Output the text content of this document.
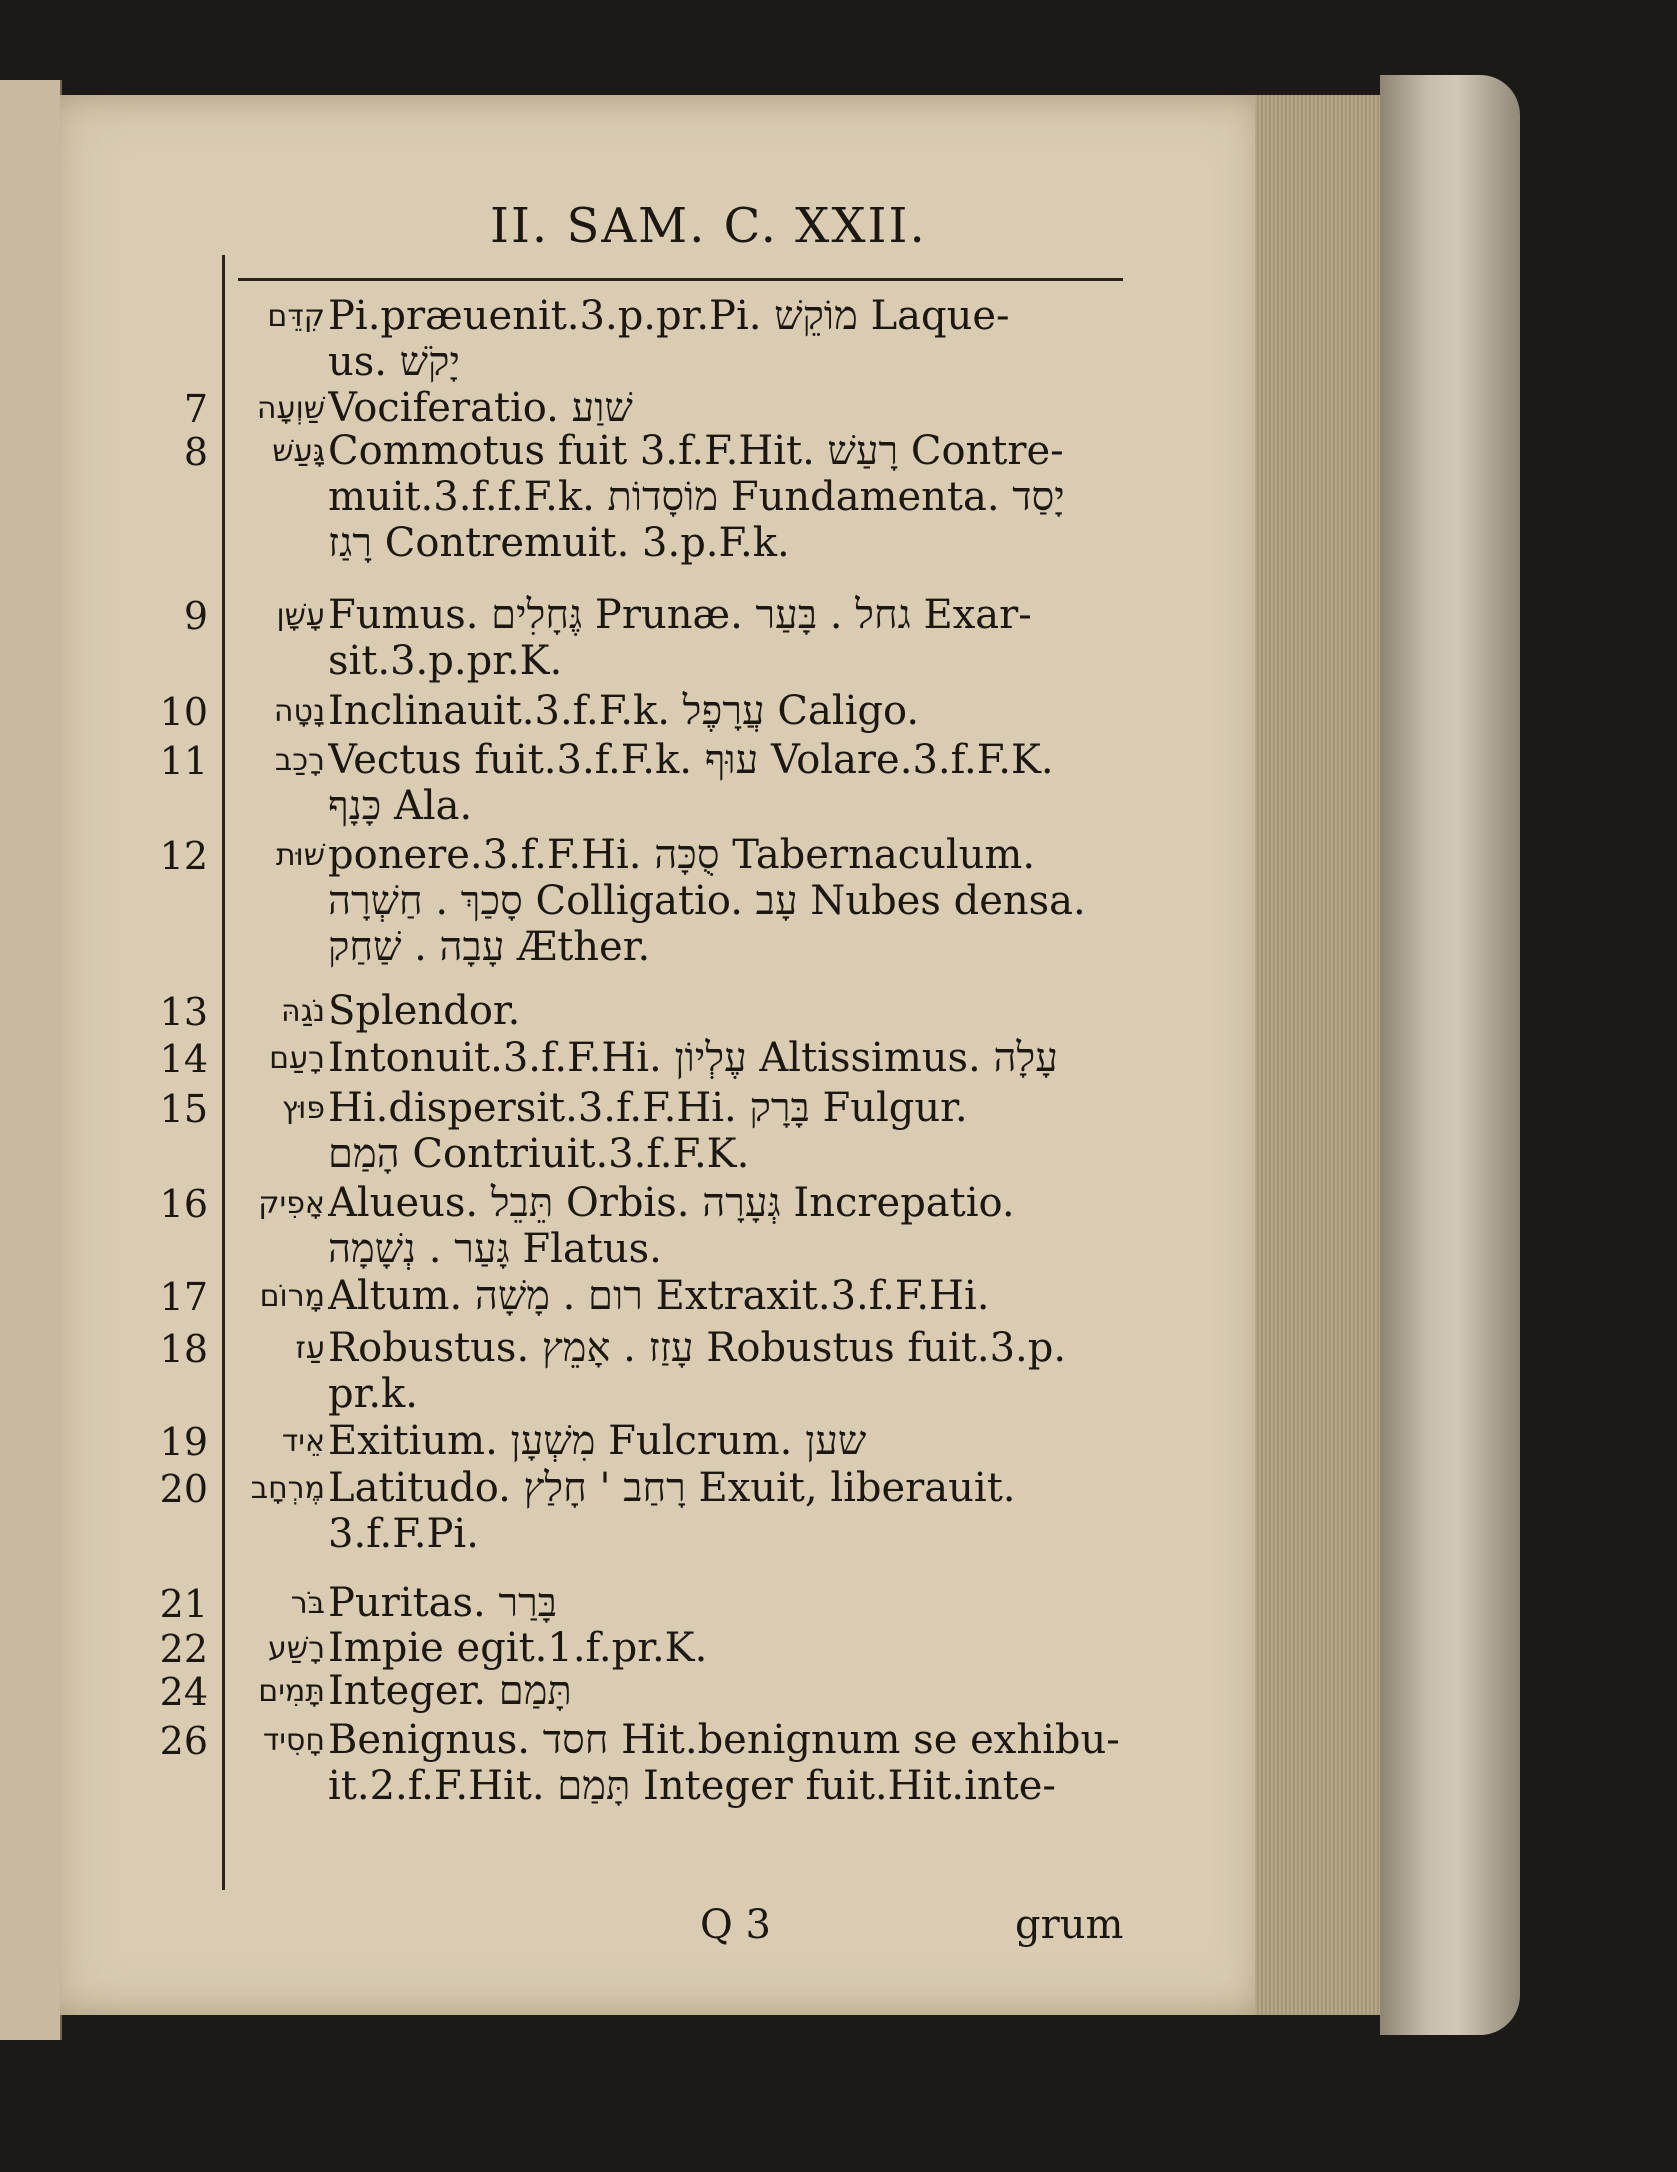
II. SAM. C. XXII.
קִדֵּם Pi.præuenit.3.p.pr.Pi. מוֹקֵשׁ Laque-
us. יָקֹשׁ
7	שַׁוְעָה Vociferatio. שׁוַע
8	גָּעַשׁ Commotus fuit 3.f.F.Hit. רָעַשׁ Contre-
muit.3.f.f.F.k. מוֹסָדוֹת Fundamenta. יָסַד
רָגַז Contremuit. 3.p.F.k.
9	עָשָׁן Fumus. גֶּחָלִים Prunæ. גחל . בָּעַר Exar-
sit.3.p.pr.K.
10	נָטָה Inclinauit.3.f.F.k. עֲרָפֶל Caligo.
11	רָכַב Vectus fuit.3.f.F.k. עוּף Volare.3.f.F.K.
כָּנָף Ala.
12	שׁוּת ponere.3.f.F.Hi. סֻכָּה Tabernaculum.
סָכַךְ . חַשְׁרָה Colligatio. עָב Nubes densa.
עָבָה . שַׁחַק Æther.
13	נֹגַהּ Splendor.
14	רָעַם Intonuit.3.f.F.Hi. עֶלְיוֹן Altissimus. עָלָה
15	פּוּץ Hi.dispersit.3.f.F.Hi. בָּרָק Fulgur.
הָמַם Contriuit.3.f.F.K.
16	אָפִיק Alueus. תֵּבֵל Orbis. גְּעָרָה Increpatio.
גָּעַר . נְשָׁמָה Flatus.
17	מָרוֹם Altum. רום . מָשָׁה Extraxit.3.f.F.Hi.
18	עַז Robustus. עָזַז . אָמֵץ Robustus fuit.3.p.
pr.k.
19	אֵיד Exitium. מִשְׁעָן Fulcrum. שען
20	מֶרְחָב Latitudo. רָחַב ' חָלַץ Exuit, liberauit.
3.f.F.Pi.
21	בֹּר Puritas. בָּרַר
22	רָשַׁע Impie egit.1.f.pr.K.
24	תָּמִים Integer. תָּמַם
26	חָסִיד Benignus. חסד Hit.benignum se exhibu-
it.2.f.F.Hit. תָּמַם Integer fuit.Hit.inte-
Q 3	grum
